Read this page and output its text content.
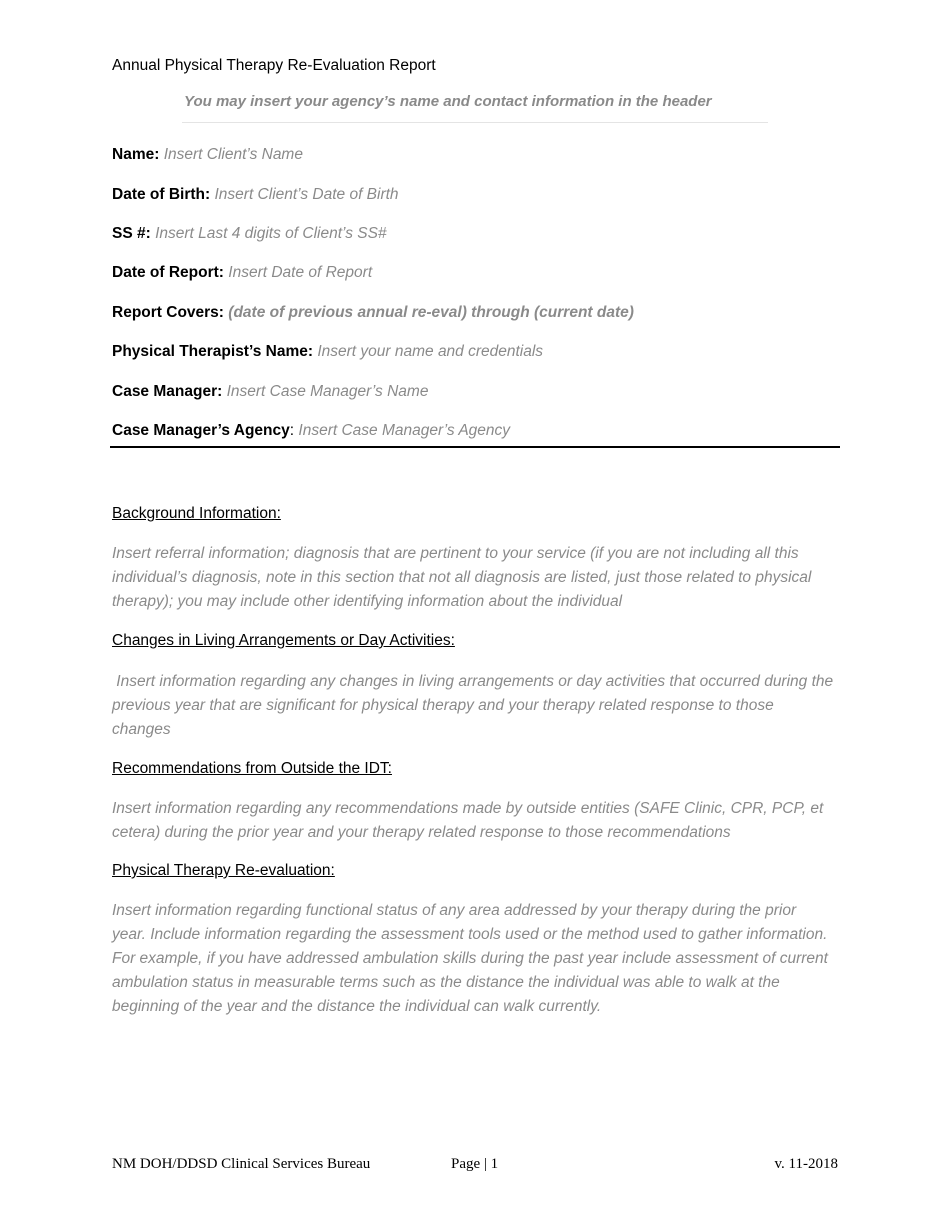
Annual Physical Therapy Re-Evaluation Report
You may insert your agency’s name and contact information in the header
Name: Insert Client’s Name
Date of Birth: Insert Client’s Date of Birth
SS #: Insert Last 4 digits of Client’s SS#
Date of Report: Insert Date of Report
Report Covers: (date of previous annual re-eval) through (current date)
Physical Therapist’s Name: Insert your name and credentials
Case Manager: Insert Case Manager’s Name
Case Manager’s Agency: Insert Case Manager’s Agency
Background Information:
Insert referral information; diagnosis that are pertinent to your service (if you are not including all this individual’s diagnosis, note in this section that not all diagnosis are listed, just those related to physical therapy); you may include other identifying information about the individual
Changes in Living Arrangements or Day Activities:
Insert information regarding any changes in living arrangements or day activities that occurred during the previous year that are significant for physical therapy and your therapy related response to those changes
Recommendations from Outside the IDT:
Insert information regarding any recommendations made by outside entities (SAFE Clinic, CPR, PCP, et cetera) during the prior year and your therapy related response to those recommendations
Physical Therapy Re-evaluation:
Insert information regarding functional status of any area addressed by your therapy during the prior year. Include information regarding the assessment tools used or the method used to gather information. For example, if you have addressed ambulation skills during the past year include assessment of current ambulation status in measurable terms such as the distance the individual was able to walk at the beginning of the year and the distance the individual can walk currently.
NM DOH/DDSD Clinical Services Bureau	Page | 1	v. 11-2018
